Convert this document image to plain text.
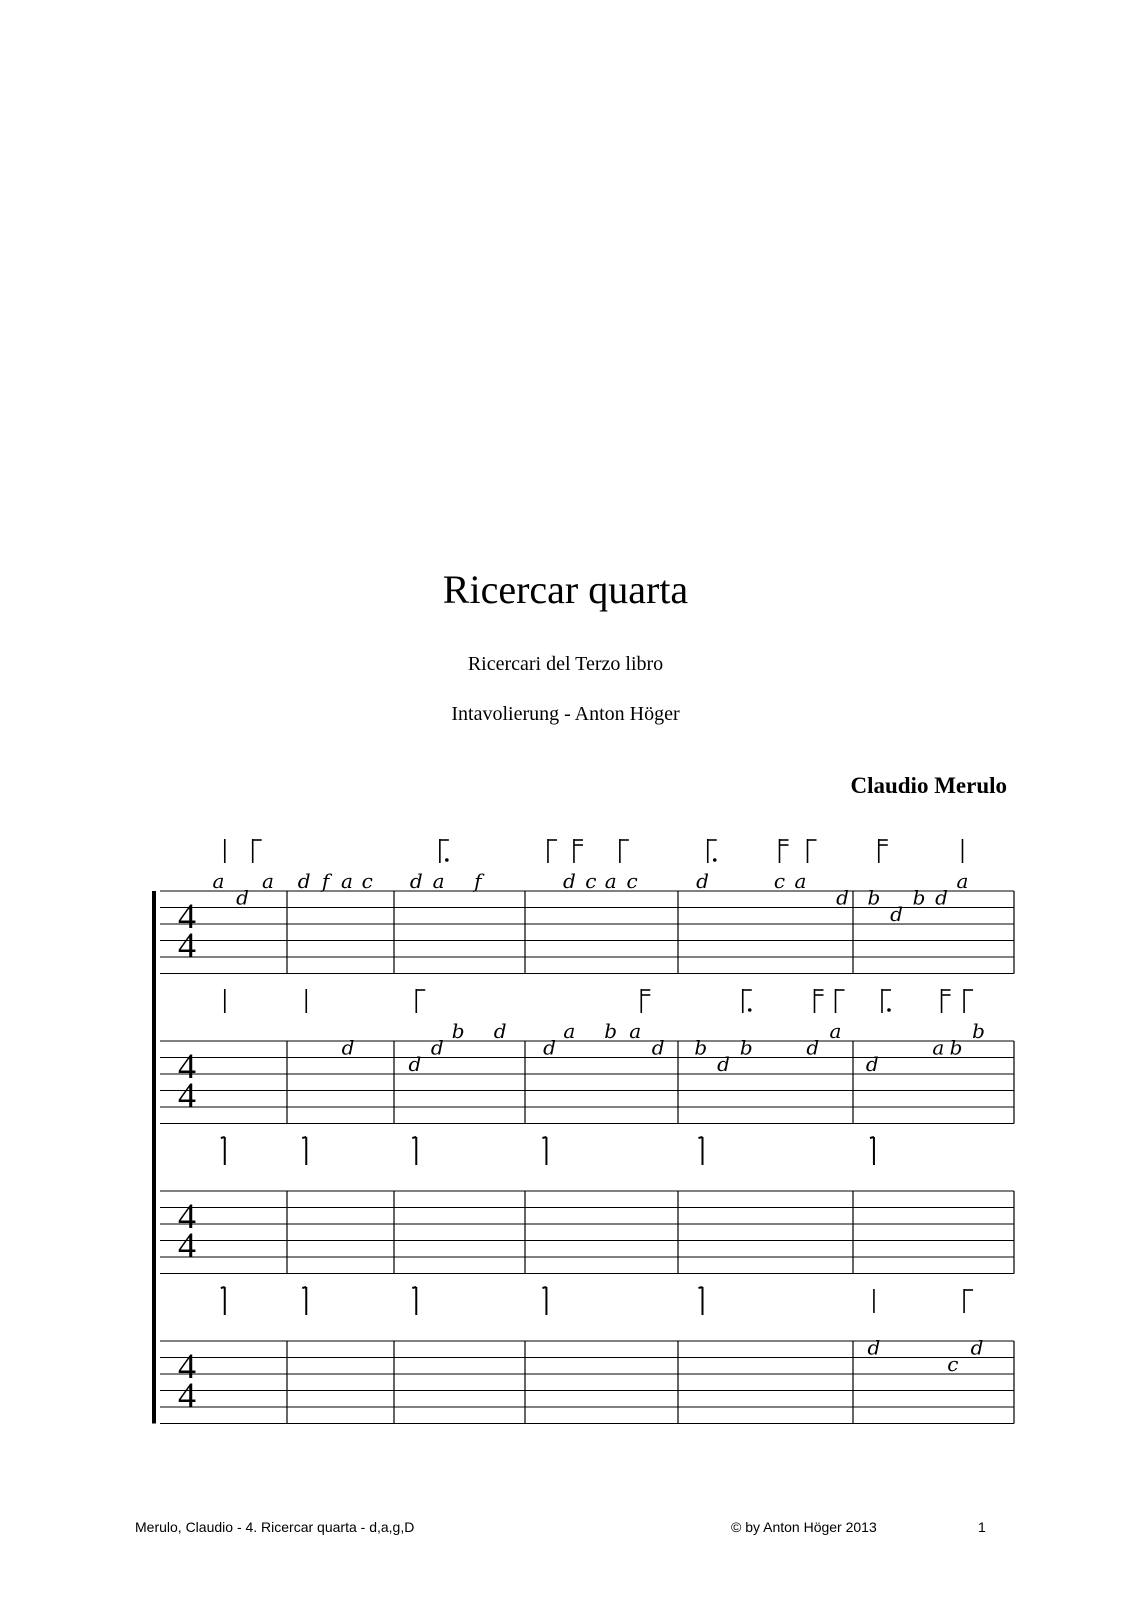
Ricercar quarta
Ricercari del Terzo libro
Intavolierung - Anton Höger
Claudio Merulo
4
4
a
d
a d f a c d a f	d c a c	d	c a
d b
d
b d
a
4
4
d
d
d
b d
d
a b a
d b
d
b	d
a
d
a b
b
4
4
4
4
d
c
d
Merulo, Claudio - 4. Ricercar quarta - d,a,g,D	© by Anton Höger 2013	1
